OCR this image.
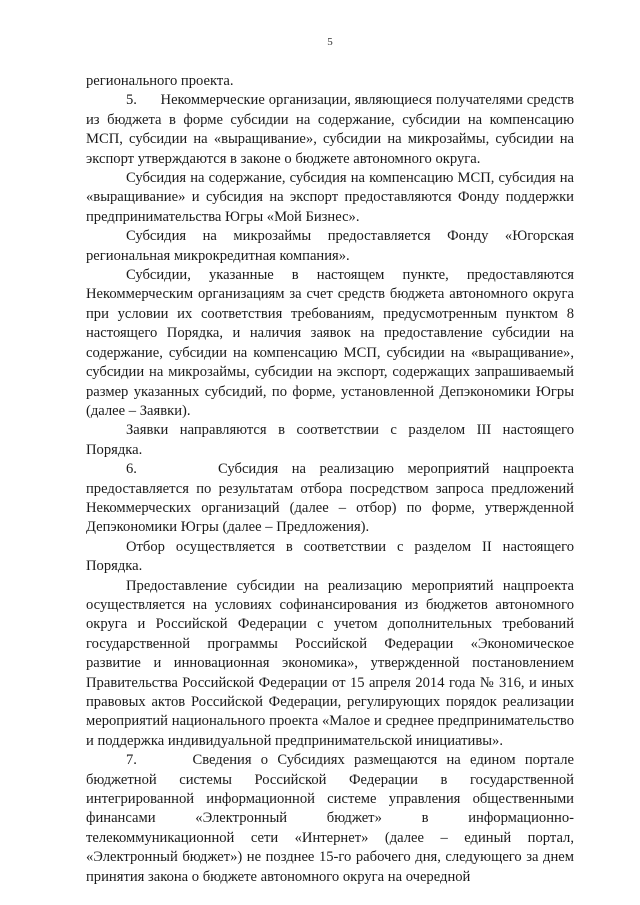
5

регионального проекта.

5.      Некоммерческие организации, являющиеся получателями средств из бюджета в форме субсидии на содержание, субсидии на компенсацию МСП, субсидии на «выращивание», субсидии на микрозаймы, субсидии на экспорт утверждаются в законе о бюджете автономного округа.

Субсидия на содержание, субсидия на компенсацию МСП, субсидия на «выращивание» и субсидия на экспорт предоставляются Фонду поддержки предпринимательства Югры «Мой Бизнес».

Субсидия на микрозаймы предоставляется Фонду «Югорская региональная микрокредитная компания».

Субсидии, указанные в настоящем пункте, предоставляются Некоммерческим организациям за счет средств бюджета автономного округа при условии их соответствия требованиям, предусмотренным пунктом 8 настоящего Порядка, и наличия заявок на предоставление субсидии на содержание, субсидии на компенсацию МСП, субсидии на «выращивание», субсидии на микрозаймы, субсидии на экспорт, содержащих запрашиваемый размер указанных субсидий, по форме, установленной Депэкономики Югры (далее – Заявки).

Заявки направляются в соответствии с разделом III настоящего Порядка.

6.      Субсидия на реализацию мероприятий нацпроекта предоставляется по результатам отбора посредством запроса предложений Некоммерческих организаций (далее – отбор) по форме, утвержденной Депэкономики Югры (далее – Предложения).

Отбор осуществляется в соответствии с разделом II настоящего Порядка.

Предоставление субсидии на реализацию мероприятий нацпроекта осуществляется на условиях софинансирования из бюджетов автономного округа и Российской Федерации с учетом дополнительных требований государственной программы Российской Федерации «Экономическое развитие и инновационная экономика», утвержденной постановлением Правительства Российской Федерации от 15 апреля 2014 года № 316, и иных правовых актов Российской Федерации, регулирующих порядок реализации мероприятий национального проекта «Малое и среднее предпринимательство и поддержка индивидуальной предпринимательской инициативы».

7.      Сведения о Субсидиях размещаются на едином портале бюджетной системы Российской Федерации в государственной интегрированной информационной системе управления общественными финансами «Электронный бюджет» в информационно-телекоммуникационной сети «Интернет» (далее – единый портал, «Электронный бюджет») не позднее 15-го рабочего дня, следующего за днем принятия закона о бюджете автономного округа на очередной
